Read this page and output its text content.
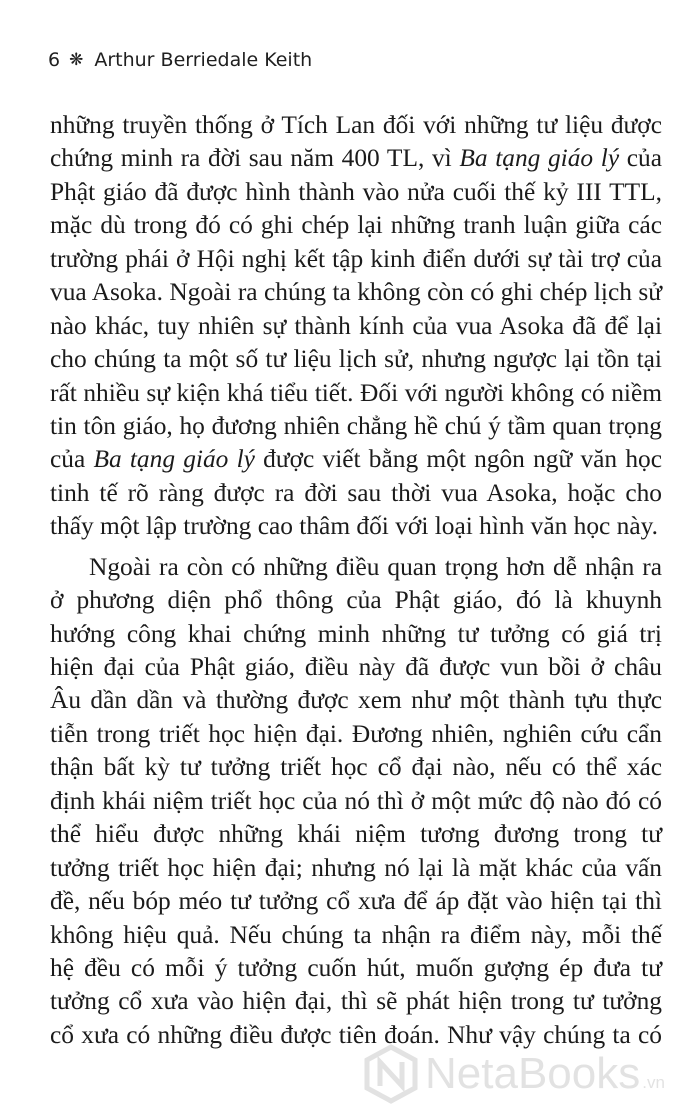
6 ❋ Arthur Berriedale Keith
những truyền thống ở Tích Lan đối với những tư liệu được
chứng minh ra đời sau năm 400 TL, vì Ba tạng giáo lý của
Phật giáo đã được hình thành vào nửa cuối thế kỷ III TTL,
mặc dù trong đó có ghi chép lại những tranh luận giữa các
trường phái ở Hội nghị kết tập kinh điển dưới sự tài trợ của
vua Asoka. Ngoài ra chúng ta không còn có ghi chép lịch sử
nào khác, tuy nhiên sự thành kính của vua Asoka đã để lại
cho chúng ta một số tư liệu lịch sử, nhưng ngược lại tồn tại
rất nhiều sự kiện khá tiểu tiết. Đối với người không có niềm
tin tôn giáo, họ đương nhiên chẳng hề chú ý tầm quan trọng
của Ba tạng giáo lý được viết bằng một ngôn ngữ văn học
tinh tế rõ ràng được ra đời sau thời vua Asoka, hoặc cho
thấy một lập trường cao thâm đối với loại hình văn học này.
Ngoài ra còn có những điều quan trọng hơn dễ nhận ra
ở phương diện phổ thông của Phật giáo, đó là khuynh
hướng công khai chứng minh những tư tưởng có giá trị
hiện đại của Phật giáo, điều này đã được vun bồi ở châu
Âu dần dần và thường được xem như một thành tựu thực
tiễn trong triết học hiện đại. Đương nhiên, nghiên cứu cẩn
thận bất kỳ tư tưởng triết học cổ đại nào, nếu có thể xác
định khái niệm triết học của nó thì ở một mức độ nào đó có
thể hiểu được những khái niệm tương đương trong tư
tưởng triết học hiện đại; nhưng nó lại là mặt khác của vấn
đề, nếu bóp méo tư tưởng cổ xưa để áp đặt vào hiện tại thì
không hiệu quả. Nếu chúng ta nhận ra điểm này, mỗi thế
hệ đều có mỗi ý tưởng cuốn hút, muốn gượng ép đưa tư
tưởng cổ xưa vào hiện đại, thì sẽ phát hiện trong tư tưởng
cổ xưa có những điều được tiên đoán. Như vậy chúng ta có
NetaBooks .vn
